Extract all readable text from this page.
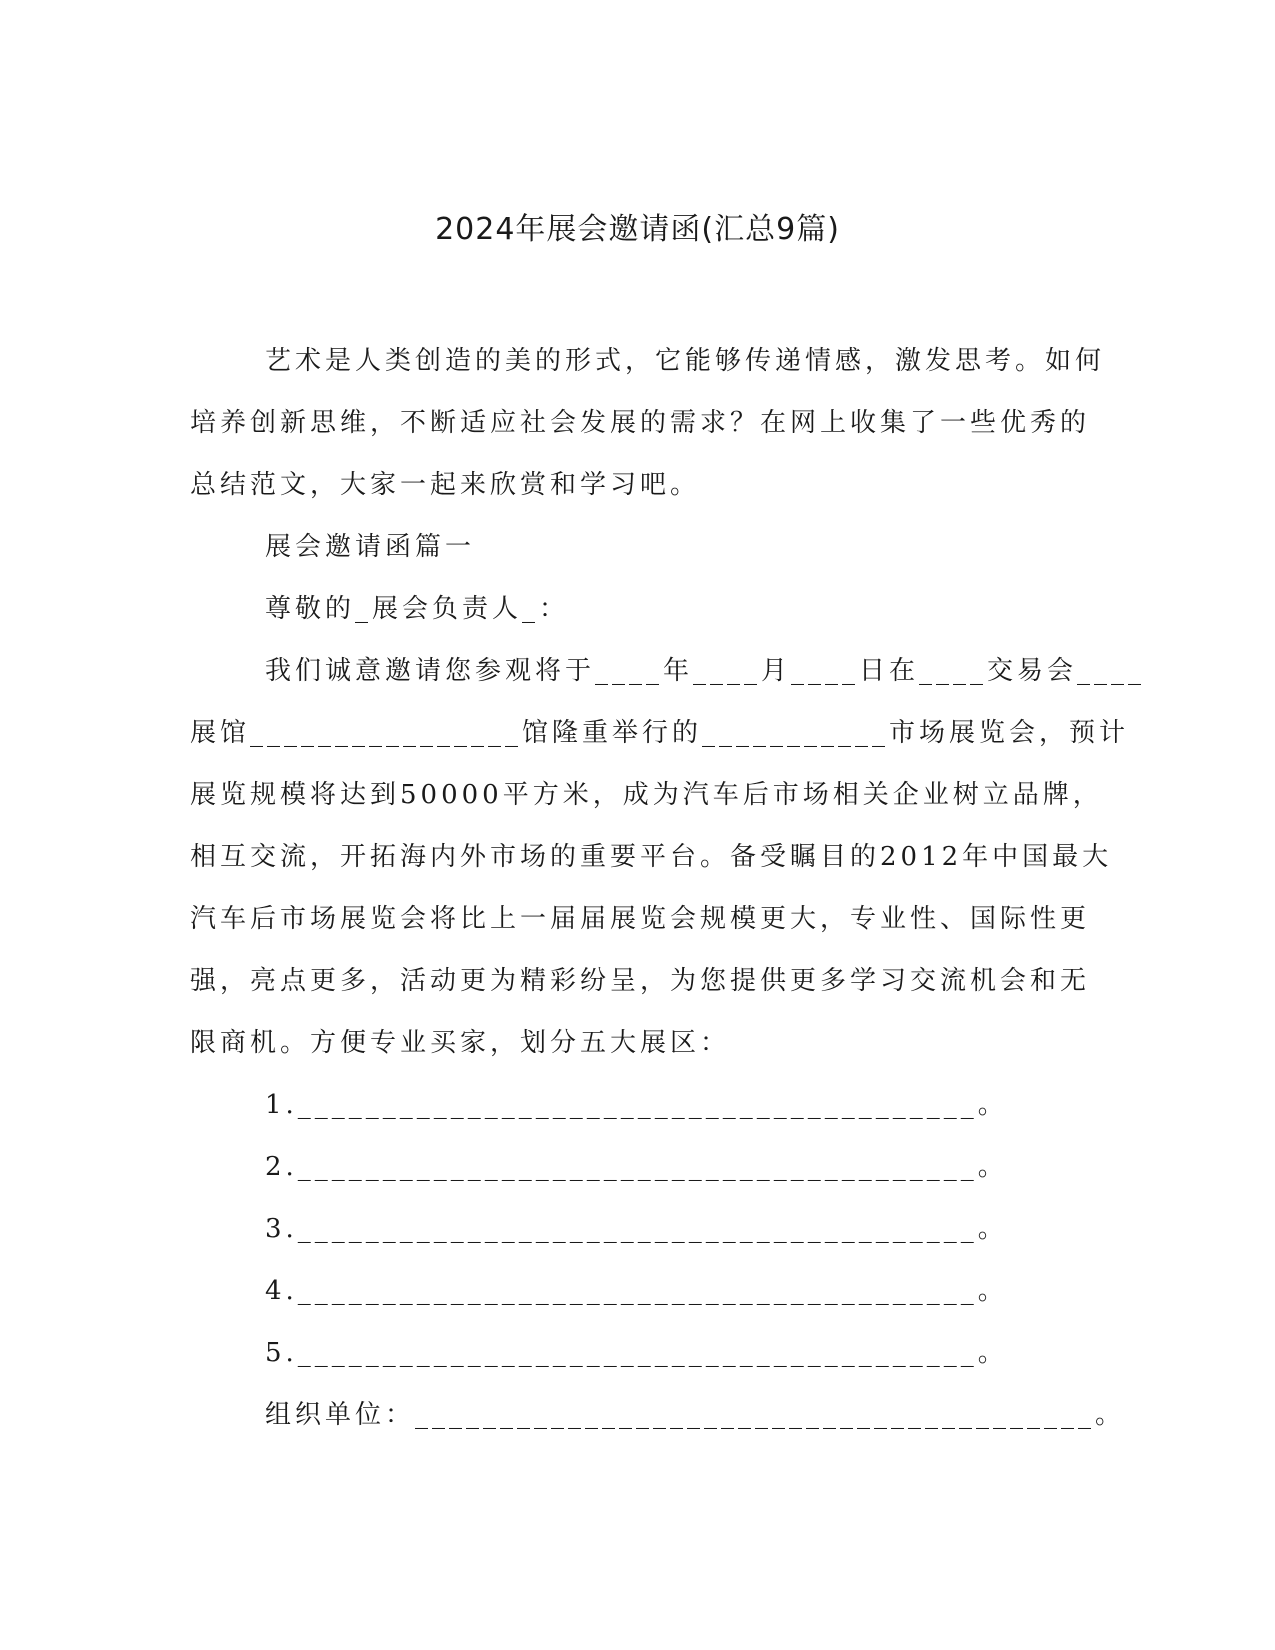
2024年展会邀请函(汇总9篇)
艺术是人类创造的美的形式，它能够传递情感，激发思考。如何
培养创新思维，不断适应社会发展的需求？在网上收集了一些优秀的
总结范文，大家一起来欣赏和学习吧。
展会邀请函篇一
尊敬的_展会负责人_：
我们诚意邀请您参观将于____年____月____日在____交易会____
展馆________________馆隆重举行的___________市场展览会，预计
展览规模将达到50000平方米，成为汽车后市场相关企业树立品牌，
相互交流，开拓海内外市场的重要平台。备受瞩目的2012年中国最大
汽车后市场展览会将比上一届届展览会规模更大，专业性、国际性更
强，亮点更多，活动更为精彩纷呈，为您提供更多学习交流机会和无
限商机。方便专业买家，划分五大展区：
1.________________________________________。
2.________________________________________。
3.________________________________________。
4.________________________________________。
5.________________________________________。
组织单位：________________________________________。
